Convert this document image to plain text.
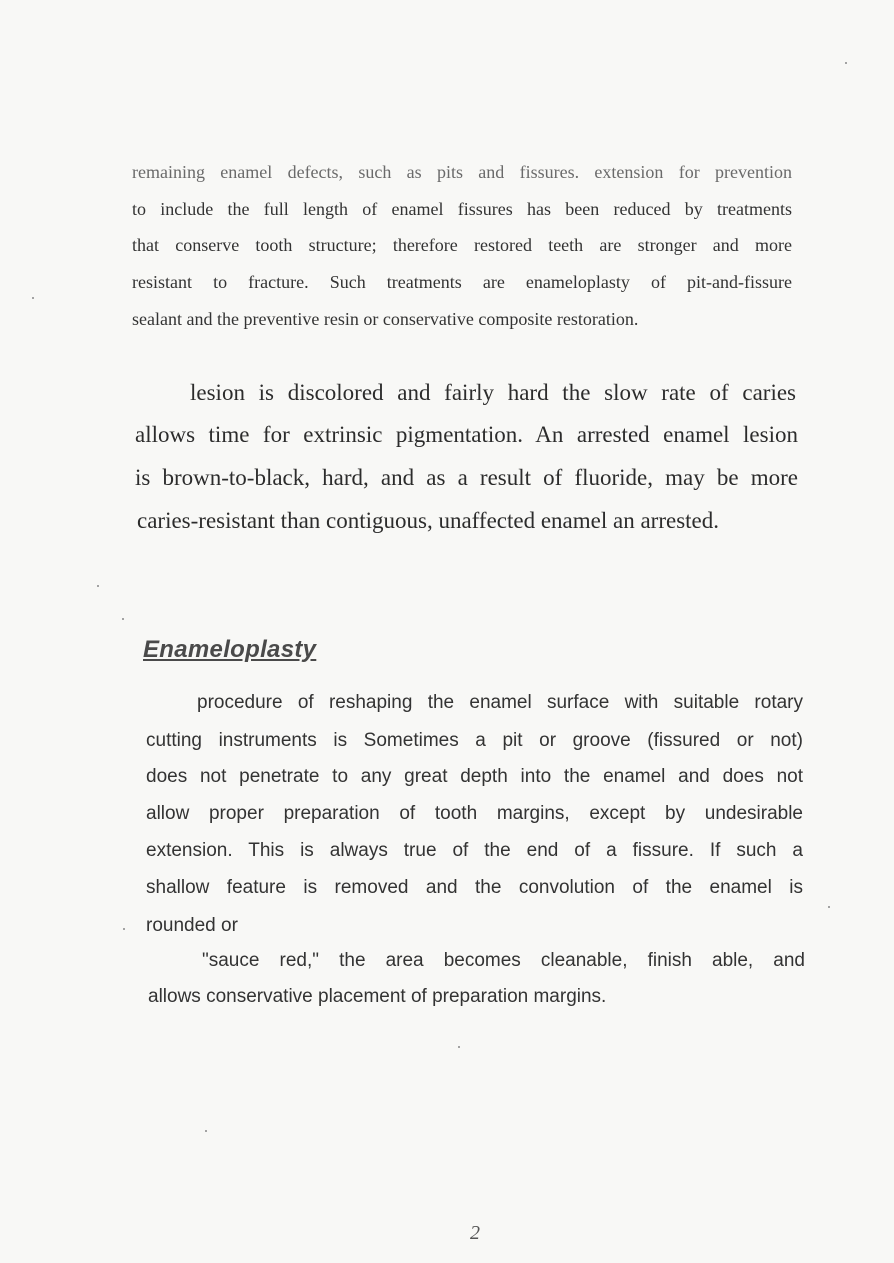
remaining enamel defects, such as pits and fissures. extension for prevention
to include the full length of enamel fissures has been reduced by treatments
that conserve tooth structure; therefore restored teeth are stronger and more
resistant to fracture. Such treatments are enameloplasty of pit-and-fissure
sealant and the preventive resin or conservative composite restoration.
lesion is discolored and fairly hard the slow rate of caries
allows time for extrinsic pigmentation. An arrested enamel lesion
is brown-to-black, hard, and as a result of fluoride, may be more
caries-resistant than contiguous, unaffected enamel an arrested.
Enameloplasty
procedure of reshaping the enamel surface with suitable rotary
cutting instruments is Sometimes a pit or groove (fissured or not)
does not penetrate to any great depth into the enamel and does not
allow proper preparation of tooth margins, except by undesirable
extension. This is always true of the end of a fissure. If such a
shallow feature is removed and the convolution of the enamel is
rounded or
"sauce red," the area becomes cleanable, finish able, and
allows conservative placement of preparation margins.
2
